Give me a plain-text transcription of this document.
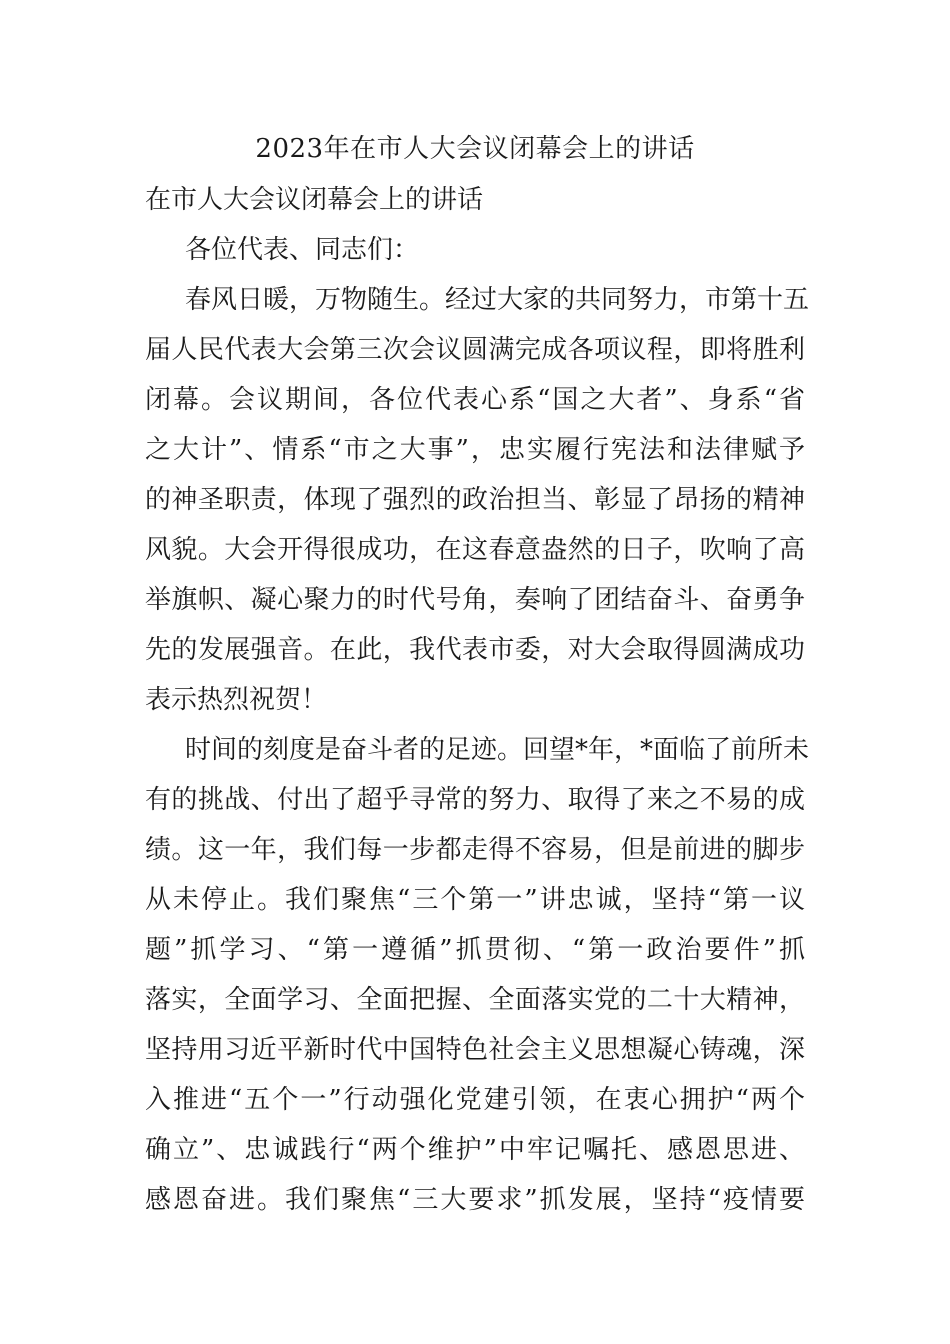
2023年在市人大会议闭幕会上的讲话

在市人大会议闭幕会上的讲话

各位代表、同志们：

春风日暖，万物随生。经过大家的共同努力，市第十五

届人民代表大会第三次会议圆满完成各项议程，即将胜利

闭幕。会议期间，各位代表心系“国之大者”、身系“省

之大计”、情系“市之大事”，忠实履行宪法和法律赋予

的神圣职责，体现了强烈的政治担当、彰显了昂扬的精神

风貌。大会开得很成功，在这春意盎然的日子，吹响了高

举旗帜、凝心聚力的时代号角，奏响了团结奋斗、奋勇争

先的发展强音。在此，我代表市委，对大会取得圆满成功

表示热烈祝贺！

时间的刻度是奋斗者的足迹。回望*年，*面临了前所未

有的挑战、付出了超乎寻常的努力、取得了来之不易的成

绩。这一年，我们每一步都走得不容易，但是前进的脚步

从未停止。我们聚焦“三个第一”讲忠诚，坚持“第一议

题”抓学习、“第一遵循”抓贯彻、“第一政治要件”抓

落实，全面学习、全面把握、全面落实党的二十大精神，

坚持用习近平新时代中国特色社会主义思想凝心铸魂，深

入推进“五个一”行动强化党建引领，在衷心拥护“两个

确立”、忠诚践行“两个维护”中牢记嘱托、感恩思进、

感恩奋进。我们聚焦“三大要求”抓发展，坚持“疫情要
